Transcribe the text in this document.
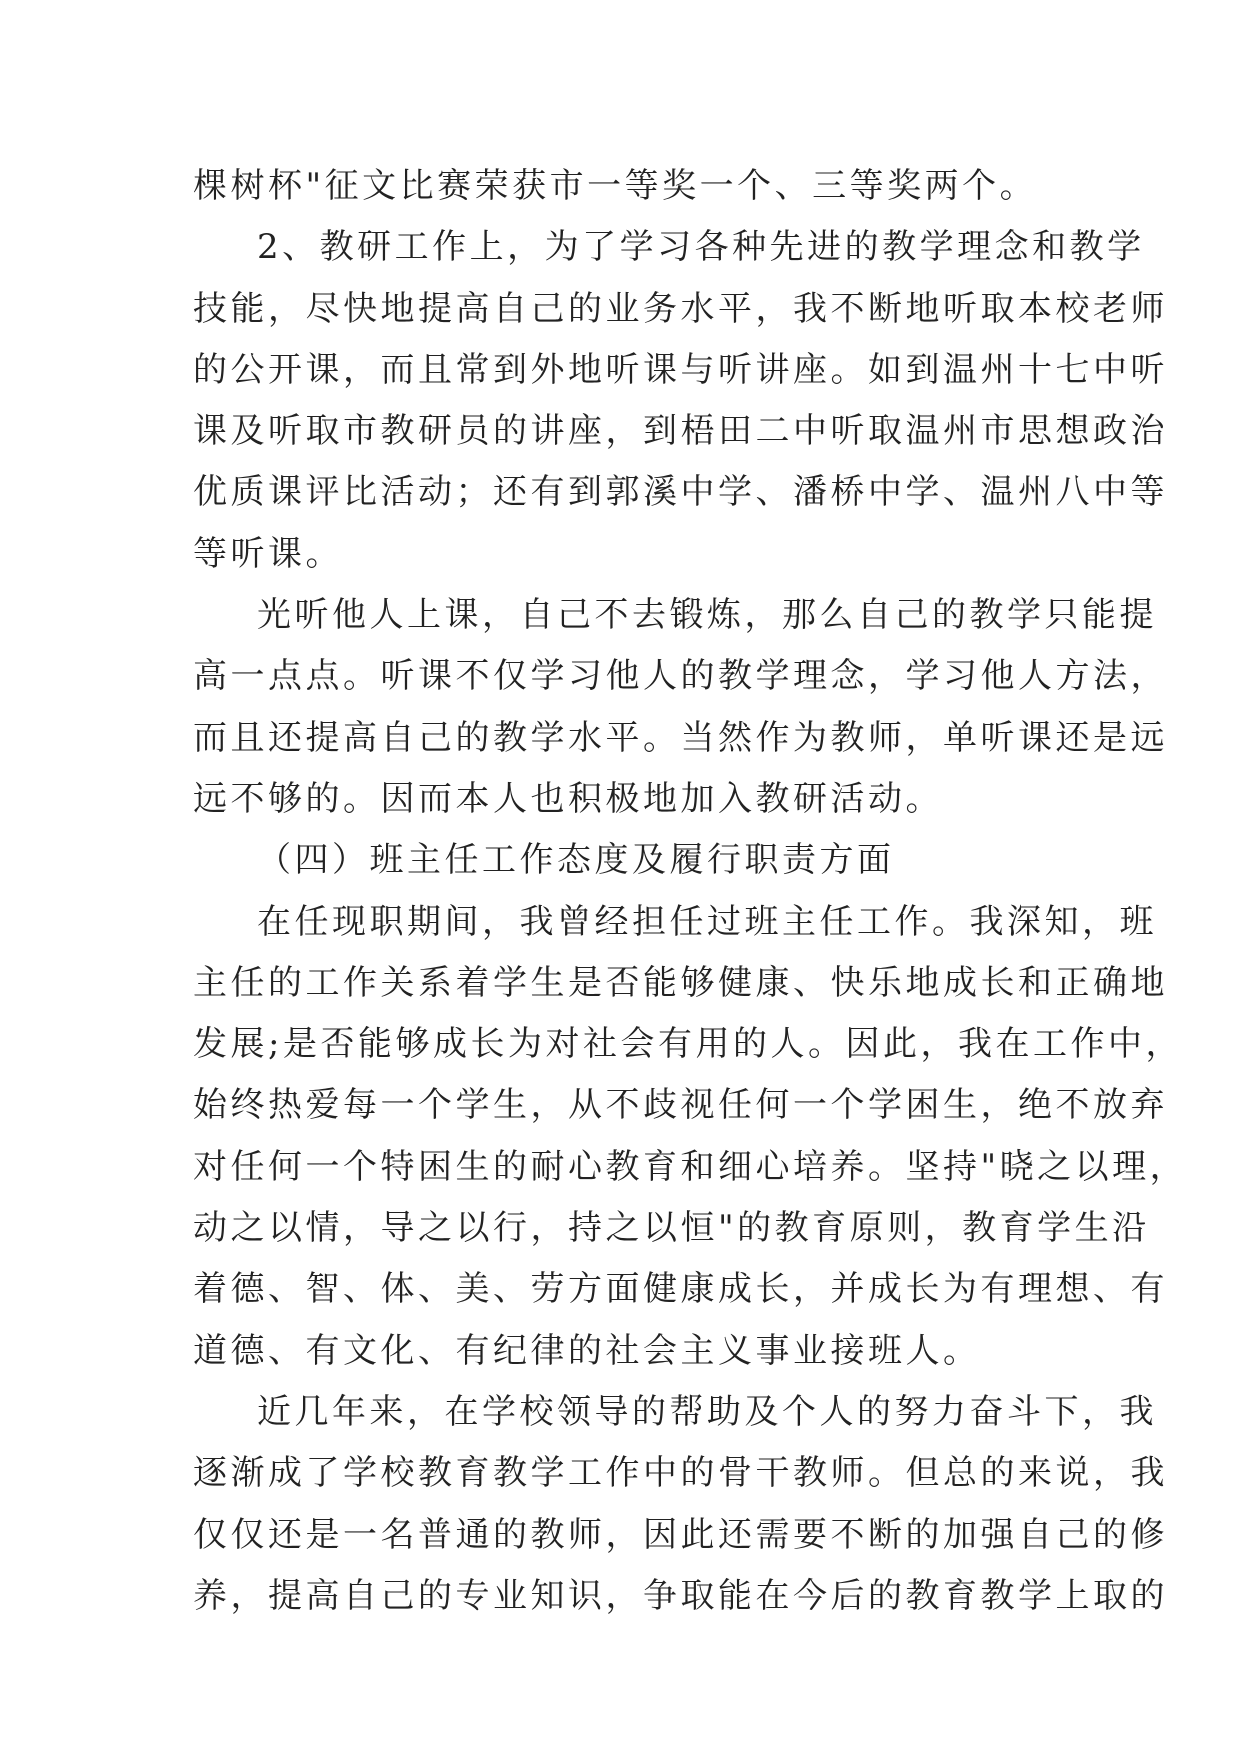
棵树杯"征文比赛荣获市一等奖一个、三等奖两个。
2、教研工作上，为了学习各种先进的教学理念和教学
技能，尽快地提高自己的业务水平，我不断地听取本校老师
的公开课，而且常到外地听课与听讲座。如到温州十七中听
课及听取市教研员的讲座，到梧田二中听取温州市思想政治
优质课评比活动；还有到郭溪中学、潘桥中学、温州八中等
等听课。
光听他人上课，自己不去锻炼，那么自己的教学只能提
高一点点。听课不仅学习他人的教学理念，学习他人方法，
而且还提高自己的教学水平。当然作为教师，单听课还是远
远不够的。因而本人也积极地加入教研活动。
（四）班主任工作态度及履行职责方面
在任现职期间，我曾经担任过班主任工作。我深知，班
主任的工作关系着学生是否能够健康、快乐地成长和正确地
发展;是否能够成长为对社会有用的人。因此，我在工作中，
始终热爱每一个学生，从不歧视任何一个学困生，绝不放弃
对任何一个特困生的耐心教育和细心培养。坚持"晓之以理，
动之以情，导之以行，持之以恒"的教育原则，教育学生沿
着德、智、体、美、劳方面健康成长，并成长为有理想、有
道德、有文化、有纪律的社会主义事业接班人。
近几年来，在学校领导的帮助及个人的努力奋斗下，我
逐渐成了学校教育教学工作中的骨干教师。但总的来说，我
仅仅还是一名普通的教师，因此还需要不断的加强自己的修
养，提高自己的专业知识，争取能在今后的教育教学上取的
